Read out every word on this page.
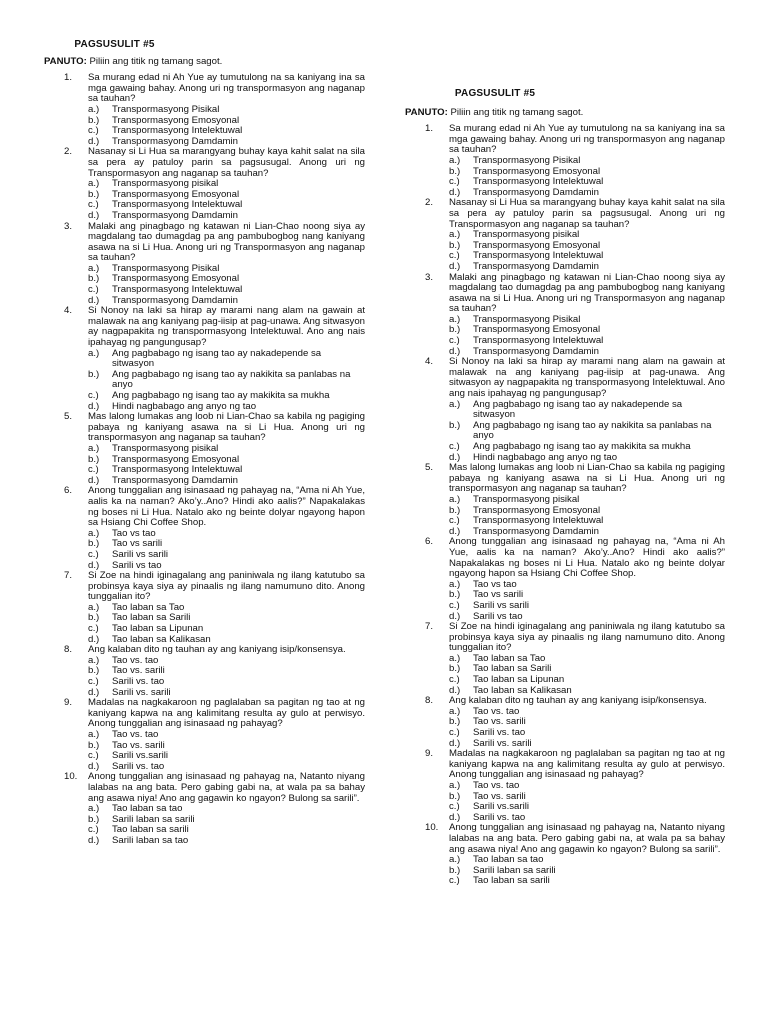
PAGSUSULIT #5
PANUTO: Piliin ang titik ng tamang sagot.
1. Sa murang edad ni Ah Yue ay tumutulong na sa kaniyang ina sa mga gawaing bahay. Anong uri ng transpormasyon ang naganap sa tauhan?
a.) Transpormasyong Pisikal
b.) Transpormasyong Emosyonal
c.) Transpormasyong Intelektuwal
d.) Transpormasyong Damdamin
2. Nasanay si Li Hua sa marangyang buhay kaya kahit salat na sila sa pera ay patuloy parin sa pagsusugal. Anong uri ng Transpormasyon ang naganap sa tauhan?
a.) Transpormasyong pisikal
b.) Transpormasyong Emosyonal
c.) Transpormasyong Intelektuwal
d.) Transpormasyong Damdamin
3. Malaki ang pinagbago ng katawan ni Lian-Chao noong siya ay magdalang tao dumagdag pa ang pambubogbog nang kaniyang asawa na si Li Hua. Anong uri ng Transpormasyon ang naganap sa tauhan?
a.) Transpormasyong Pisikal
b.) Transpormasyong Emosyonal
c.) Transpormasyong Intelektuwal
d.) Transpormasyong Damdamin
4. Si Nonoy na laki sa hirap ay marami nang alam na gawain at malawak na ang kaniyang pag-iisip at pag-unawa. Ang sitwasyon ay nagpapakita ng transpormasyong Intelektuwal. Ano ang nais ipahayag ng pangungusap?
a.) Ang pagbabago ng isang tao ay nakadepende sa sitwasyon
b.) Ang pagbabago ng isang tao ay nakikita sa panlabas na anyo
c.) Ang pagbabago ng isang tao ay makikita sa mukha
d.) Hindi nagbabago ang anyo ng tao
5. Mas lalong lumakas ang loob ni Lian-Chao sa kabila ng pagiging pabaya ng kaniyang asawa na si Li Hua. Anong uri ng transpormasyon ang naganap sa tauhan?
a.) Transpormasyong pisikal
b.) Transpormasyong Emosyonal
c.) Transpormasyong Intelektuwal
d.) Transpormasyong Damdamin
6. Anong tunggalian ang isinasaad ng pahayag na, “Ama ni Ah Yue, aalis ka na naman? Ako’y..Ano? Hindi ako aalis?” Napakalakas ng boses ni Li Hua. Natalo ako ng beinte dolyar ngayong hapon sa Hsiang Chi Coffee Shop.
a.) Tao vs tao
b.) Tao vs sarili
c.) Sarili vs sarili
d.) Sarili vs tao
7. Si Zoe na hindi iginagalang ang paniniwala ng ilang katutubo sa probinsya kaya siya ay pinaalis ng ilang namumuno dito. Anong tunggalian ito?
a.) Tao laban sa Tao
b.) Tao laban sa Sarili
c.) Tao laban sa Lipunan
d.) Tao laban sa Kalikasan
8. Ang kalaban dito ng tauhan ay ang kaniyang isip/konsensya.
a.) Tao vs. tao
b.) Tao vs. sarili
c.) Sarili vs. tao
d.) Sarili vs. sarili
9. Madalas na nagkakaroon ng paglalaban sa pagitan ng tao at ng kaniyang kapwa na ang kalimitang resulta ay gulo at perwisyo. Anong tunggalian ang isinasaad ng pahayag?
a.) Tao vs. tao
b.) Tao vs. sarili
c.) Sarili vs.sarili
d.) Sarili vs. tao
10. Anong tunggalian ang isinasaad ng pahayag na, Natanto niyang lalabas na ang bata. Pero gabing gabi na, at wala pa sa bahay ang asawa niya! Ano ang gagawin ko ngayon? Bulong sa sarili”.
a.) Tao laban sa tao
b.) Sarili laban sa sarili
c.) Tao laban sa sarili
d.) Sarili laban sa tao
PAGSUSULIT #5
PANUTO: Piliin ang titik ng tamang sagot.
1. Sa murang edad ni Ah Yue ay tumutulong na sa kaniyang ina sa mga gawaing bahay. Anong uri ng transpormasyon ang naganap sa tauhan?
a.) Transpormasyong Pisikal
b.) Transpormasyong Emosyonal
c.) Transpormasyong Intelektuwal
d.) Transpormasyong Damdamin
2. Nasanay si Li Hua sa marangyang buhay kaya kahit salat na sila sa pera ay patuloy parin sa pagsusugal. Anong uri ng Transpormasyon ang naganap sa tauhan?
a.) Transpormasyong pisikal
b.) Transpormasyong Emosyonal
c.) Transpormasyong Intelektuwal
d.) Transpormasyong Damdamin
3. Malaki ang pinagbago ng katawan ni Lian-Chao noong siya ay magdalang tao dumagdag pa ang pambubogbog nang kaniyang asawa na si Li Hua. Anong uri ng Transpormasyon ang naganap sa tauhan?
a.) Transpormasyong Pisikal
b.) Transpormasyong Emosyonal
c.) Transpormasyong Intelektuwal
d.) Transpormasyong Damdamin
4. Si Nonoy na laki sa hirap ay marami nang alam na gawain at malawak na ang kaniyang pag-iisip at pag-unawa. Ang sitwasyon ay nagpapakita ng transpormasyong Intelektuwal. Ano ang nais ipahayag ng pangungusap?
a.) Ang pagbabago ng isang tao ay nakadepende sa sitwasyon
b.) Ang pagbabago ng isang tao ay nakikita sa panlabas na anyo
c.) Ang pagbabago ng isang tao ay makikita sa mukha
d.) Hindi nagbabago ang anyo ng tao
5. Mas lalong lumakas ang loob ni Lian-Chao sa kabila ng pagiging pabaya ng kaniyang asawa na si Li Hua. Anong uri ng transpormasyon ang naganap sa tauhan?
a.) Transpormasyong pisikal
b.) Transpormasyong Emosyonal
c.) Transpormasyong Intelektuwal
d.) Transpormasyong Damdamin
6. Anong tunggalian ang isinasaad ng pahayag na, “Ama ni Ah Yue, aalis ka na naman? Ako’y..Ano? Hindi ako aalis?” Napakalakas ng boses ni Li Hua. Natalo ako ng beinte dolyar ngayong hapon sa Hsiang Chi Coffee Shop.
a.) Tao vs tao
b.) Tao vs sarili
c.) Sarili vs sarili
d.) Sarili vs tao
7. Si Zoe na hindi iginagalang ang paniniwala ng ilang katutubo sa probinsya kaya siya ay pinaalis ng ilang namumuno dito. Anong tunggalian ito?
a.) Tao laban sa Tao
b.) Tao laban sa Sarili
c.) Tao laban sa Lipunan
d.) Tao laban sa Kalikasan
8. Ang kalaban dito ng tauhan ay ang kaniyang isip/konsensya.
a.) Tao vs. tao
b.) Tao vs. sarili
c.) Sarili vs. tao
d.) Sarili vs. sarili
9. Madalas na nagkakaroon ng paglalaban sa pagitan ng tao at ng kaniyang kapwa na ang kalimitang resulta ay gulo at perwisyo. Anong tunggalian ang isinasaad ng pahayag?
a.) Tao vs. tao
b.) Tao vs. sarili
c.) Sarili vs.sarili
d.) Sarili vs. tao
10. Anong tunggalian ang isinasaad ng pahayag na, Natanto niyang lalabas na ang bata. Pero gabing gabi na, at wala pa sa bahay ang asawa niya! Ano ang gagawin ko ngayon? Bulong sa sarili”.
a.) Tao laban sa tao
b.) Sarili laban sa sarili
c.) Tao laban sa sarili
